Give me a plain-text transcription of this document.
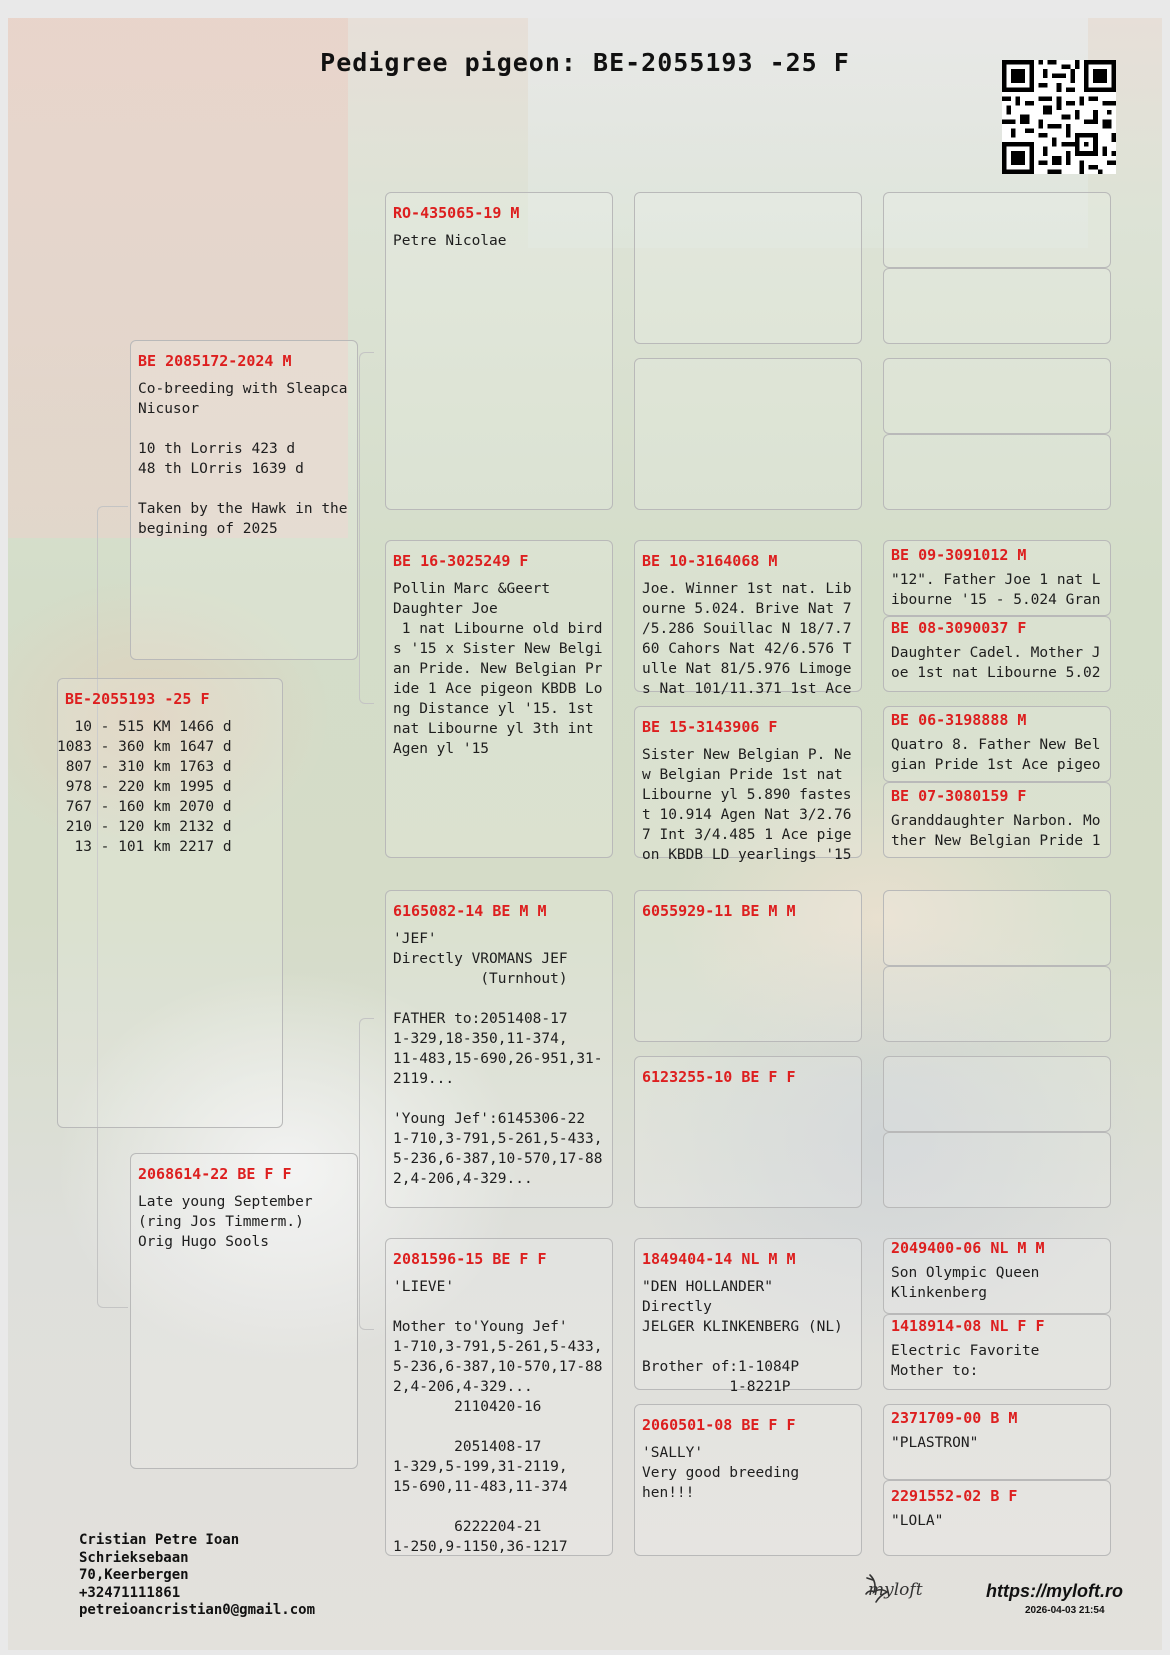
Pedigree pigeon: BE-2055193 -25 F
BE-2055193 -25 F
10 - 515 KM 1466 d
1083 - 360 km 1647 d
807 - 310 km 1763 d
978 - 220 km 1995 d
767 - 160 km 2070 d
210 - 120 km 2132 d
13 - 101 km 2217 d
BE 2085172-2024 M
Co-breeding with Sleapca
Nicusor

10 th Lorris 423 d
48 th LOrris 1639 d

Taken by the Hawk in the
begining of 2025
2068614-22 BE F F
Late young September
(ring Jos Timmerm.)
Orig Hugo Sools
RO-435065-19 M
Petre Nicolae
BE 16-3025249 F
Pollin Marc &Geert
Daughter Joe
1 nat Libourne old bird
s '15 x Sister New Belgi
an Pride. New Belgian Pr
ide 1 Ace pigeon KBDB Lo
ng Distance yl '15. 1st
nat Libourne yl 3th int
Agen yl '15
6165082-14 BE M M
'JEF'
Directly VROMANS JEF
(Turnhout)

FATHER to:2051408-17
1-329,18-350,11-374,
11-483,15-690,26-951,31-
2119...

'Young Jef':6145306-22
1-710,3-791,5-261,5-433,
5-236,6-387,10-570,17-88
2,4-206,4-329...
2081596-15 BE F F
'LIEVE'

Mother to'Young Jef'
1-710,3-791,5-261,5-433,
5-236,6-387,10-570,17-88
2,4-206,4-329...
2110420-16

2051408-17
1-329,5-199,31-2119,
15-690,11-483,11-374

6222204-21
1-250,9-1150,36-1217
BE 10-3164068 M
Joe. Winner 1st nat. Lib
ourne 5.024. Brive Nat 7
/5.286 Souillac N 18/7.7
60 Cahors Nat 42/6.576 T
ulle Nat 81/5.976 Limoge
s Nat 101/11.371 1st Ace
BE 15-3143906 F
Sister New Belgian P. Ne
w Belgian Pride 1st nat
Libourne yl 5.890 fastes
t 10.914 Agen Nat 3/2.76
7 Int 3/4.485 1 Ace pige
on KBDB LD yearlings '15
6055929-11 BE M M
6123255-10 BE F F
1849404-14 NL M M
"DEN HOLLANDER"
Directly
JELGER KLINKENBERG (NL)

Brother of:1-1084P
1-8221P
2060501-08 BE F F
'SALLY'
Very good breeding
hen!!!
BE 09-3091012 M
"12". Father Joe 1 nat L
ibourne '15 - 5.024 Gran
BE 08-3090037 F
Daughter Cadel. Mother J
oe 1st nat Libourne 5.02
BE 06-3198888 M
Quatro 8. Father New Bel
gian Pride 1st Ace pigeo
BE 07-3080159 F
Granddaughter Narbon. Mo
ther New Belgian Pride 1
2049400-06 NL M M
Son Olympic Queen
Klinkenberg
1418914-08 NL F F
Electric Favorite
Mother to:
2371709-00 B M
"PLASTRON"
2291552-02 B F
"LOLA"
Cristian Petre Ioan
Schrieksebaan
70,Keerbergen
+32471111861
petreioancristian0@gmail.com
myloft	https://myloft.ro
2026-04-03 21:54
